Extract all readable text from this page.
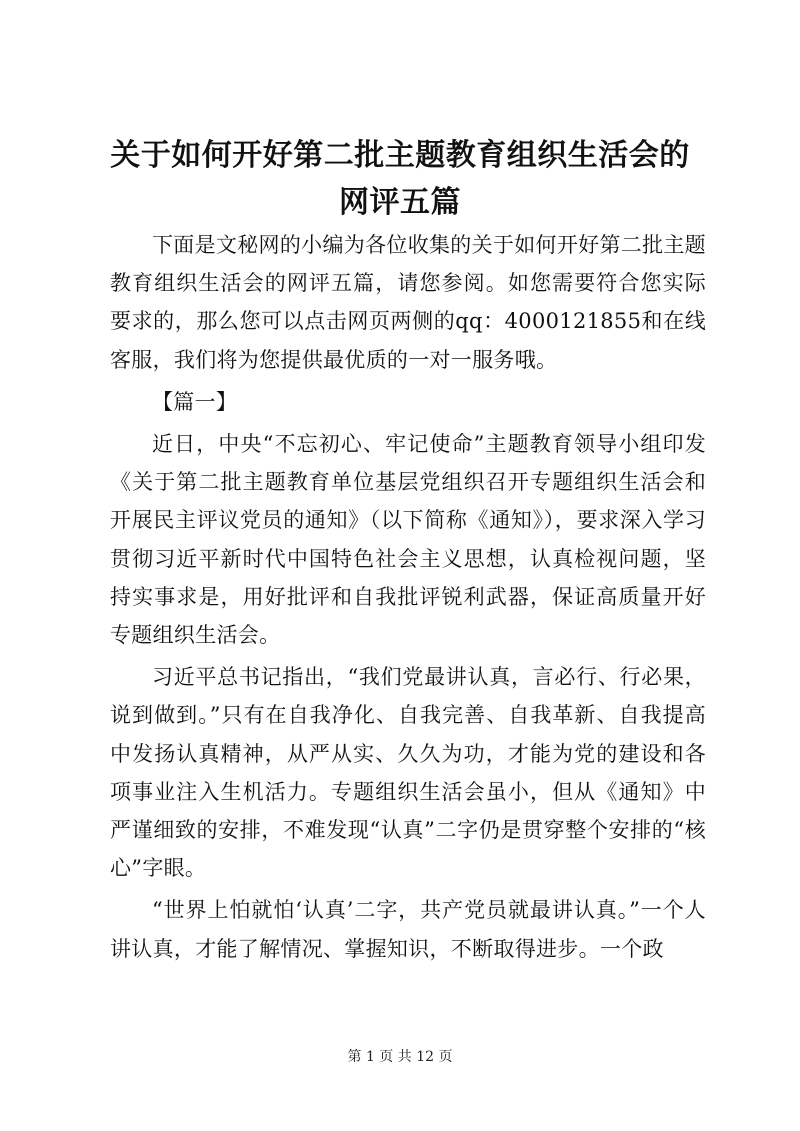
关于如何开好第二批主题教育组织生活会的网评五篇

下面是文秘网的小编为各位收集的关于如何开好第二批主题教育组织生活会的网评五篇，请您参阅。如您需要符合您实际要求的，那么您可以点击网页两侧的qq：4000121855和在线客服，我们将为您提供最优质的一对一服务哦。

【篇一】

近日，中央“不忘初心、牢记使命”主题教育领导小组印发《关于第二批主题教育单位基层党组织召开专题组织生活会和开展民主评议党员的通知》（以下简称《通知》），要求深入学习贯彻习近平新时代中国特色社会主义思想，认真检视问题，坚持实事求是，用好批评和自我批评锐利武器，保证高质量开好专题组织生活会。

习近平总书记指出，“我们党最讲认真，言必行、行必果，说到做到。”只有在自我净化、自我完善、自我革新、自我提高中发扬认真精神，从严从实、久久为功，才能为党的建设和各项事业注入生机活力。专题组织生活会虽小，但从《通知》中严谨细致的安排，不难发现“认真”二字仍是贯穿整个安排的“核心”字眼。

“世界上怕就怕‘认真’二字，共产党员就最讲认真。”一个人讲认真，才能了解情况、掌握知识，不断取得进步。一个政

第 1 页 共 12 页
